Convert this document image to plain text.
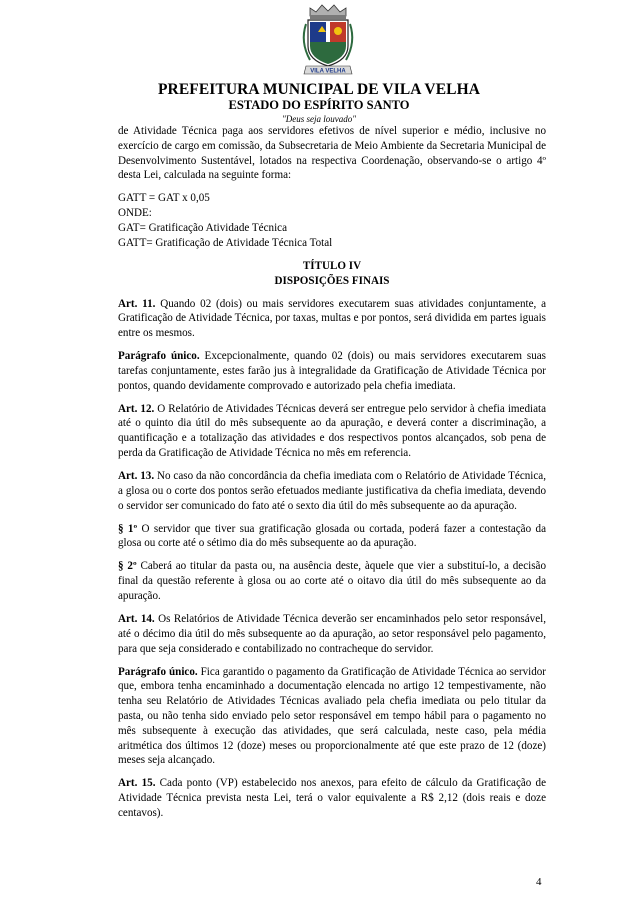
VILA VELHA
PREFEITURA MUNICIPAL DE VILA VELHA
ESTADO DO ESPÍRITO SANTO
"Deus seja louvado"

de Atividade Técnica paga aos servidores efetivos de nível superior e médio, inclusive no exercício de cargo em comissão, da Subsecretaria de Meio Ambiente da Secretaria Municipal de Desenvolvimento Sustentável, lotados na respectiva Coordenação, observando-se o artigo 4º desta Lei, calculada na seguinte forma:

GATT = GAT x 0,05

ONDE:

GAT= Gratificação Atividade Técnica

GATT= Gratificação de Atividade Técnica Total

TÍTULO IV

DISPOSIÇÕES FINAIS

Art. 11. Quando 02 (dois) ou mais servidores executarem suas atividades conjuntamente, a Gratificação de Atividade Técnica, por taxas, multas e por pontos, será dividida em partes iguais entre os mesmos.

Parágrafo único. Excepcionalmente, quando 02 (dois) ou mais servidores executarem suas tarefas conjuntamente, estes farão jus à integralidade da Gratificação de Atividade Técnica por pontos, quando devidamente comprovado e autorizado pela chefia imediata.

Art. 12. O Relatório de Atividades Técnicas deverá ser entregue pelo servidor à chefia imediata até o quinto dia útil do mês subsequente ao da apuração, e deverá conter a discriminação, a quantificação e a totalização das atividades e dos respectivos pontos alcançados, sob pena de perda da Gratificação de Atividade Técnica no mês em referencia.

Art. 13. No caso da não concordância da chefia imediata com o Relatório de Atividade Técnica, a glosa ou o corte dos pontos serão efetuados mediante justificativa da chefia imediata, devendo o servidor ser comunicado do fato até o sexto dia útil do mês subsequente ao da apuração.

§ 1º O servidor que tiver sua gratificação glosada ou cortada, poderá fazer a contestação da glosa ou corte até o sétimo dia do mês subsequente ao da apuração.

§ 2º Caberá ao titular da pasta ou, na ausência deste, àquele que vier a substituí-lo, a decisão final da questão referente à glosa ou ao corte até o oitavo dia útil do mês subsequente ao da apuração.

Art. 14. Os Relatórios de Atividade Técnica deverão ser encaminhados pelo setor responsável, até o décimo dia útil do mês subsequente ao da apuração, ao setor responsável pelo pagamento, para que seja considerado e contabilizado no contracheque do servidor.

Parágrafo único. Fica garantido o pagamento da Gratificação de Atividade Técnica ao servidor que, embora tenha encaminhado a documentação elencada no artigo 12 tempestivamente, não tenha seu Relatório de Atividades Técnicas avaliado pela chefia imediata ou pelo titular da pasta, ou não tenha sido enviado pelo setor responsável em tempo hábil para o pagamento no mês subsequente à execução das atividades, que será calculada, neste caso, pela média aritmética dos últimos 12 (doze) meses ou proporcionalmente até que este prazo de 12 (doze) meses seja alcançado.

Art. 15. Cada ponto (VP) estabelecido nos anexos, para efeito de cálculo da Gratificação de Atividade Técnica prevista nesta Lei, terá o valor equivalente a R$ 2,12 (dois reais e doze centavos).

4
